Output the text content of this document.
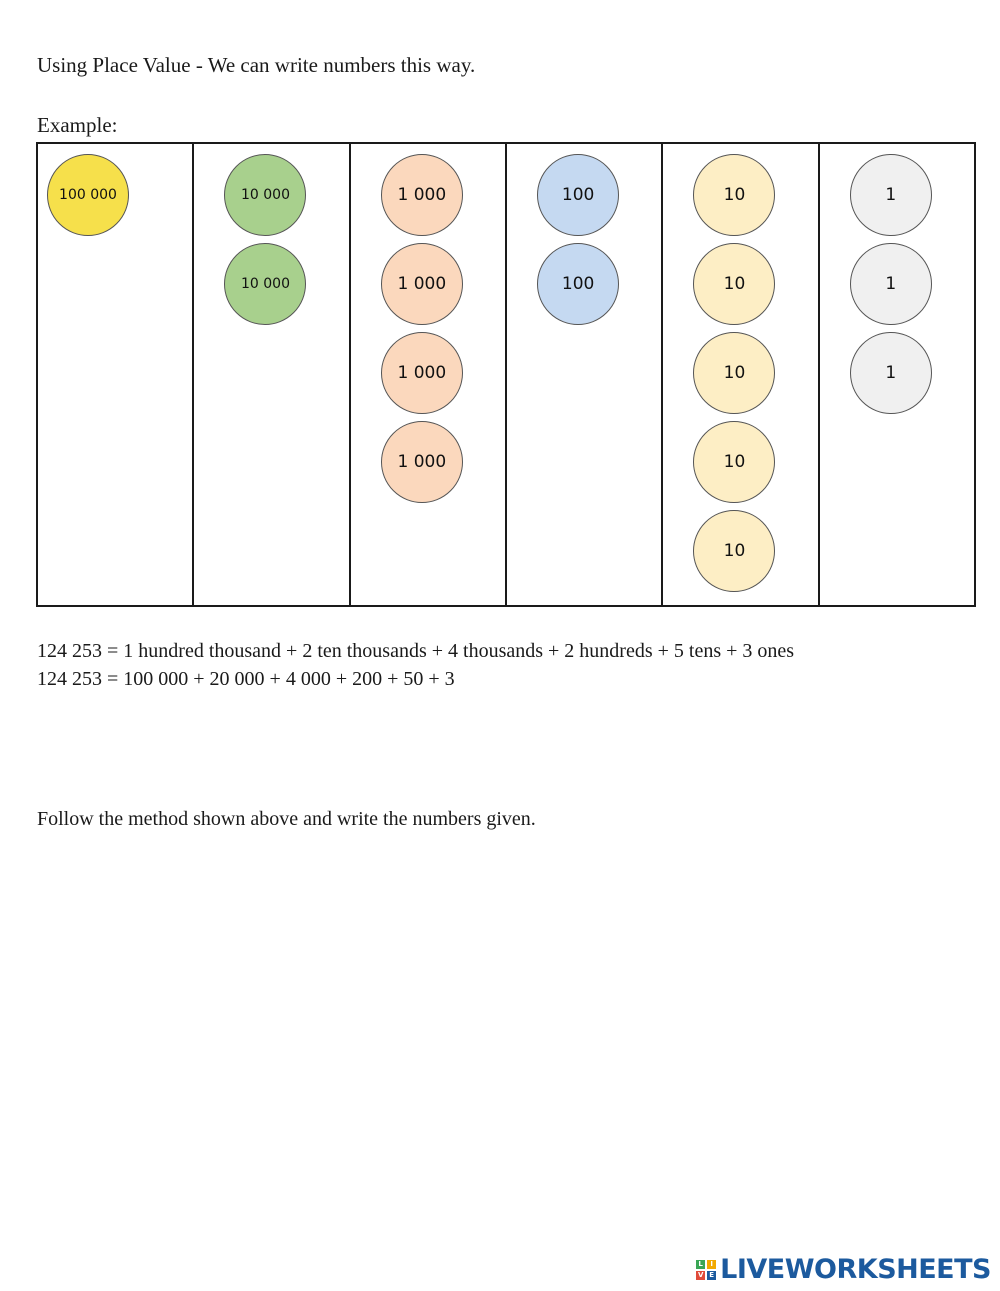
Using Place Value - We can write numbers this way.
Example:
100 000	10 000
10 000
1 000
1 000
1 000
1 000
100
100
10
10
10
10
10
1
1
1
124 253 = 1 hundred thousand + 2 ten thousands + 4 thousands + 2 hundreds + 5 tens + 3 ones
124 253 = 100 000 + 20 000 + 4 000 + 200 + 50 + 3
Follow the method shown above and write the numbers given.
L	I
V E LIVEWORKSHEETS
